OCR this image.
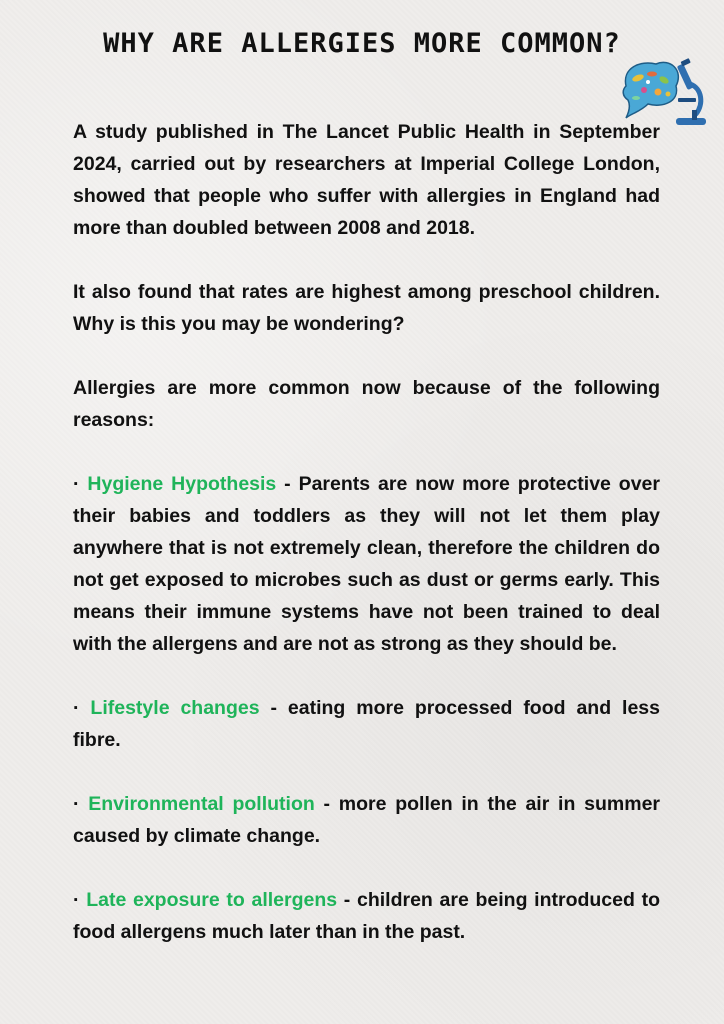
WHY ARE ALLERGIES MORE COMMON?

A study published in The Lancet Public Health in September 2024, carried out by researchers at Imperial College London, showed that people who suffer with allergies in England had more than doubled between 2008 and 2018.

It also found that rates are highest among preschool children. Why is this you may be wondering?

Allergies are more common now because of the following reasons:

· Hygiene Hypothesis - Parents are now more protective over their babies and toddlers as they will not let them play anywhere that is not extremely clean, therefore the children do not get exposed to microbes such as dust or germs early. This means their immune systems have not been trained to deal with the allergens and are not as strong as they should be.

· Lifestyle changes - eating more processed food and less fibre.

· Environmental pollution - more pollen in the air in summer caused by climate change.

· Late exposure to allergens - children are being introduced to food allergens much later than in the past.
